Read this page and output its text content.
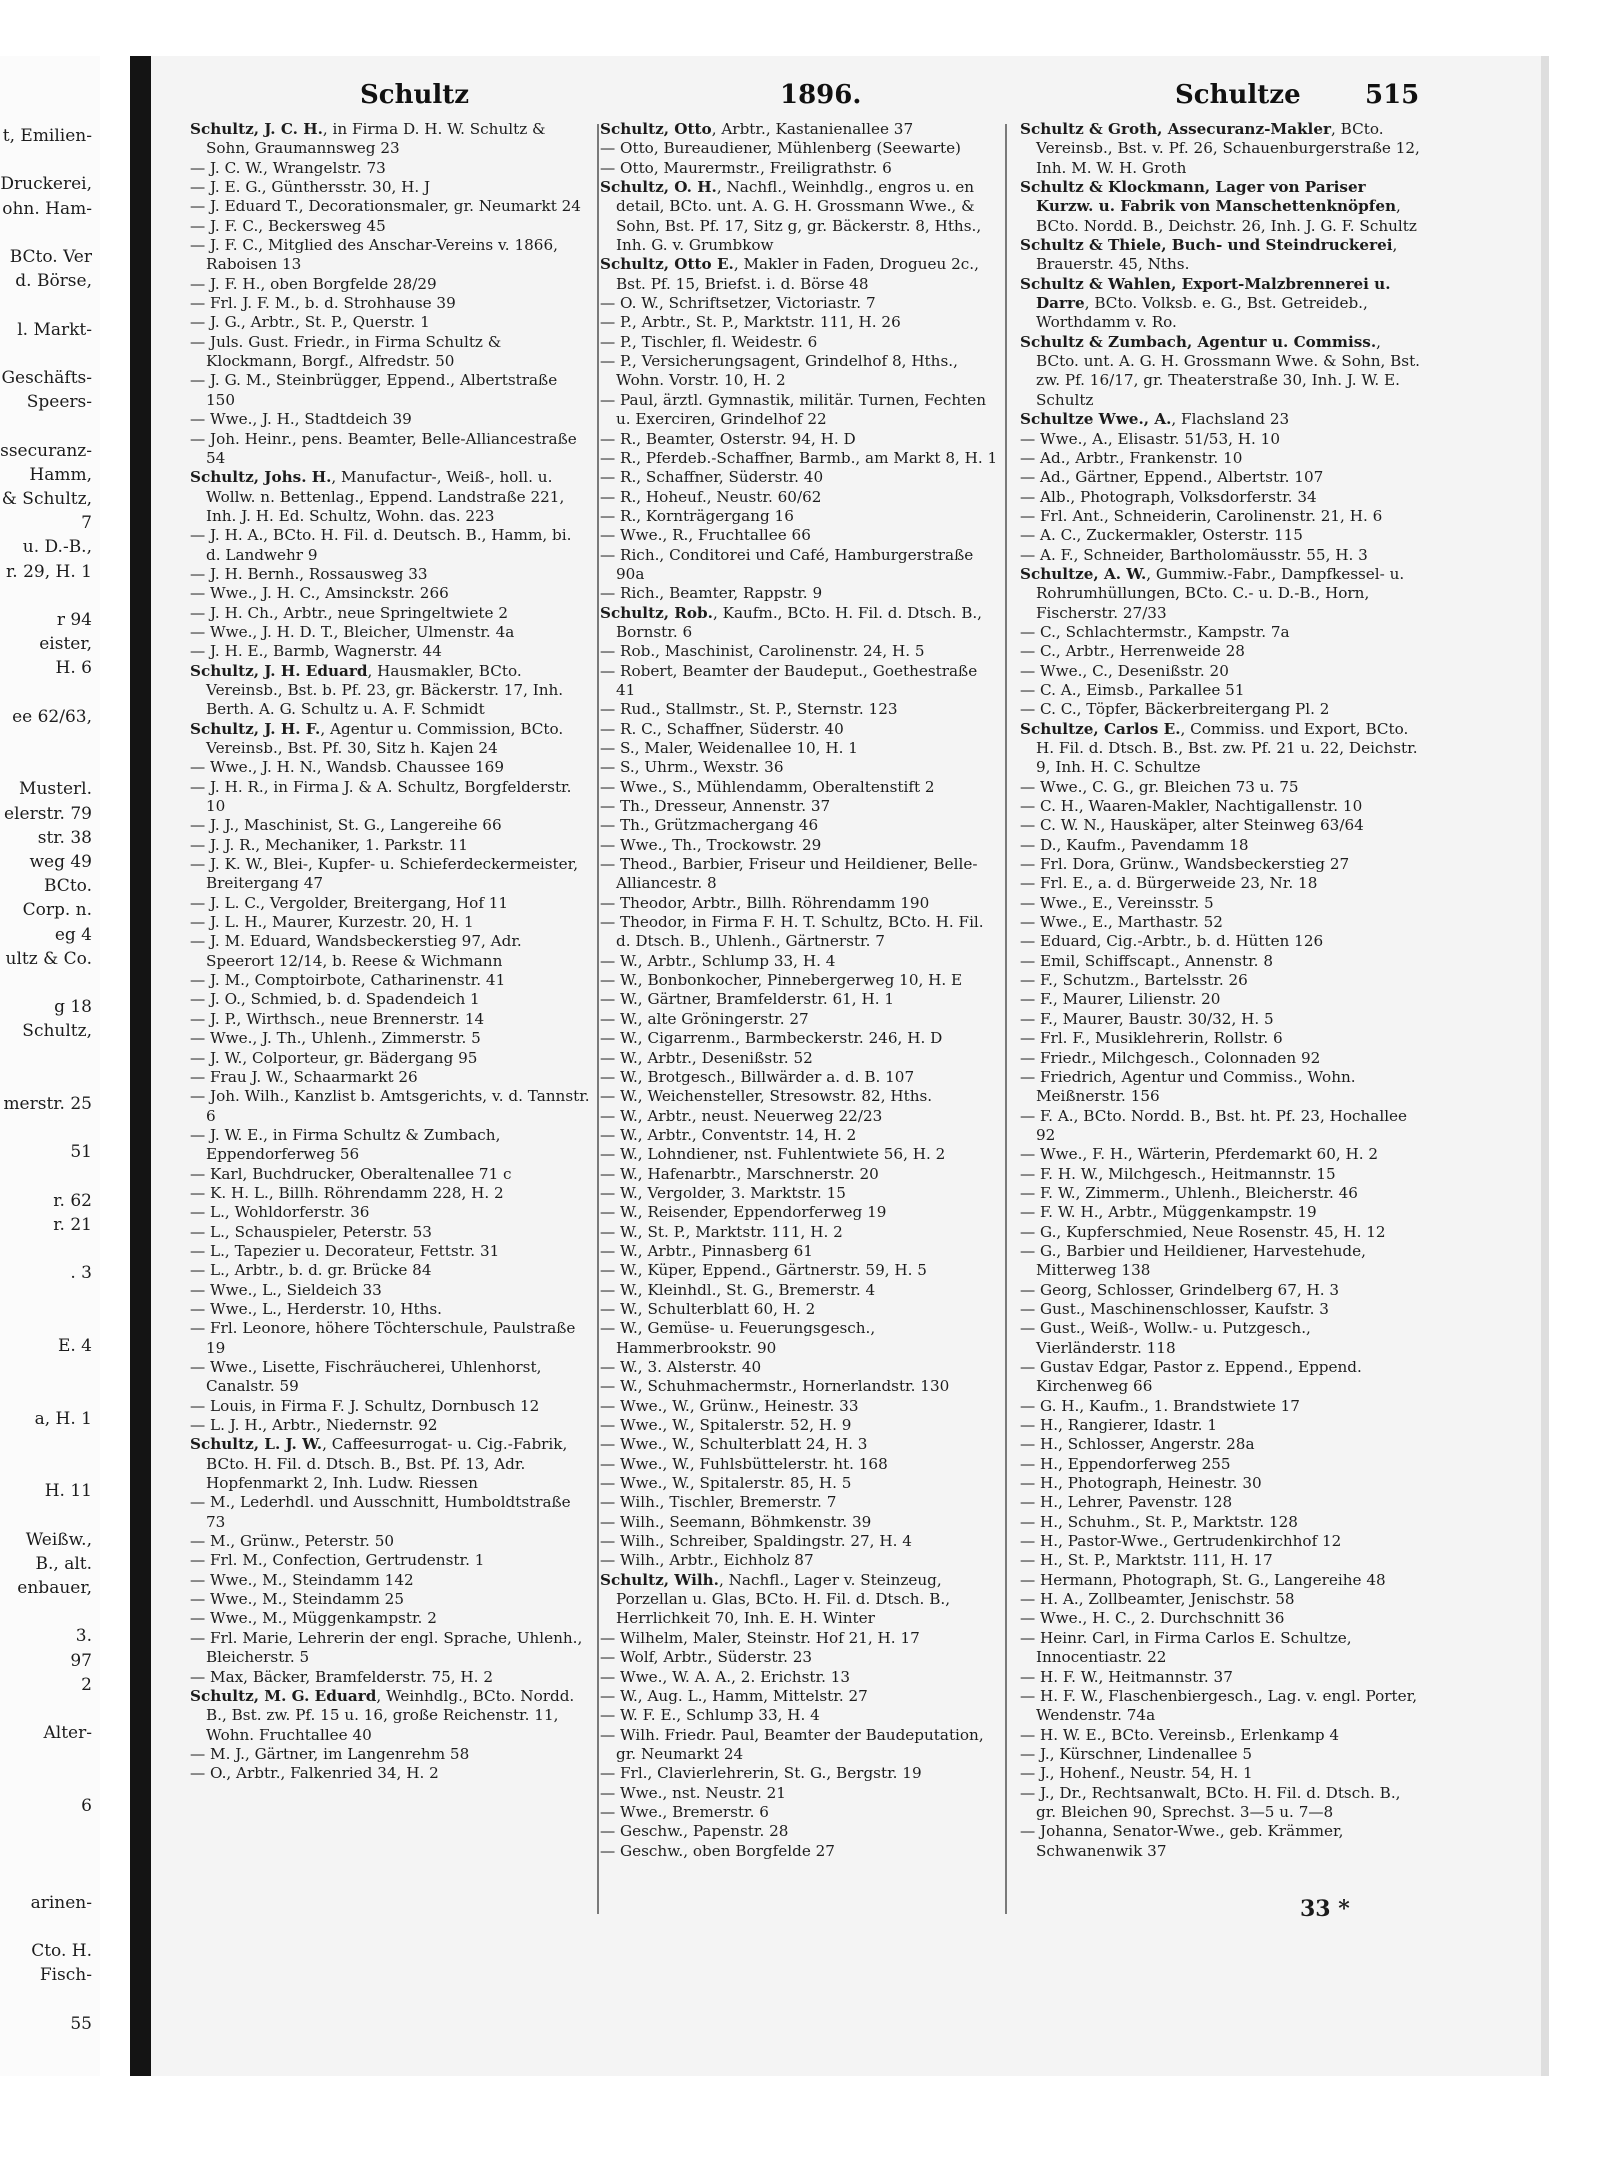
t, Emilien-
Druckerei,
ohn. Ham-
BCto. Ver
d. Börse,
l. Markt-
Geschäfts-
Speers-
ssecuranz-
Hamm,
& Schultz,
7
u. D.-B.,
r. 29, H. 1
r 94
eister,
H. 6
ee 62/63,
Musterl.
elerstr. 79
str. 38
weg 49
BCto.
Corp. n.
eg 4
ultz & Co.
g 18
Schultz,
merstr. 25
51
r. 62
r. 21
. 3
E. 4
a, H. 1
H. 11
Weißw.,
B., alt.
enbauer,
3.
97
2
Alter-
6
arinen-
Cto. H.
Fisch-
55
Schultz	1896.	Schultze 515
Schultz, J. C. H., in Firma D. H. W. Schultz & Sohn, Graumannsweg 23
— J. C. W., Wrangelstr. 73
— J. E. G., Günthersstr. 30, H. J
— J. Eduard T., Decorationsmaler, gr. Neumarkt 24
— J. F. C., Beckersweg 45
— J. F. C., Mitglied des Anschar-Vereins v. 1866, Raboisen 13
— J. F. H., oben Borgfelde 28/29
— Frl. J. F. M., b. d. Strohhause 39
— J. G., Arbtr., St. P., Querstr. 1
— Juls. Gust. Friedr., in Firma Schultz & Klockmann, Borgf., Alfredstr. 50
— J. G. M., Steinbrügger, Eppend., Albertstraße 150
— Wwe., J. H., Stadtdeich 39
— Joh. Heinr., pens. Beamter, Belle-Alliancestraße 54
Schultz, Johs. H., Manufactur-, Weiß-, holl. u. Wollw. n. Bettenlag., Eppend. Landstraße 221, Inh. J. H. Ed. Schultz, Wohn. das. 223
— J. H. A., BCto. H. Fil. d. Deutsch. B., Hamm, bi. d. Landwehr 9
— J. H. Bernh., Rossausweg 33
— Wwe., J. H. C., Amsinckstr. 266
— J. H. Ch., Arbtr., neue Springeltwiete 2
— Wwe., J. H. D. T., Bleicher, Ulmenstr. 4a
— J. H. E., Barmb, Wagnerstr. 44
Schultz, J. H. Eduard, Hausmakler, BCto. Vereinsb., Bst. b. Pf. 23, gr. Bäckerstr. 17, Inh. Berth. A. G. Schultz u. A. F. Schmidt
Schultz, J. H. F., Agentur u. Commission, BCto. Vereinsb., Bst. Pf. 30, Sitz h. Kajen 24
— Wwe., J. H. N., Wandsb. Chaussee 169
— J. H. R., in Firma J. & A. Schultz, Borgfelderstr. 10
— J. J., Maschinist, St. G., Langereihe 66
— J. J. R., Mechaniker, 1. Parkstr. 11
— J. K. W., Blei-, Kupfer- u. Schieferdeckermeister, Breitergang 47
— J. L. C., Vergolder, Breitergang, Hof 11
— J. L. H., Maurer, Kurzestr. 20, H. 1
— J. M. Eduard, Wandsbeckerstieg 97, Adr. Speerort 12/14, b. Reese & Wichmann
— J. M., Comptoirbote, Catharinenstr. 41
— J. O., Schmied, b. d. Spadendeich 1
— J. P., Wirthsch., neue Brennerstr. 14
— Wwe., J. Th., Uhlenh., Zimmerstr. 5
— J. W., Colporteur, gr. Bädergang 95
— Frau J. W., Schaarmarkt 26
— Joh. Wilh., Kanzlist b. Amtsgerichts, v. d. Tannstr. 6
— J. W. E., in Firma Schultz & Zumbach, Eppendorferweg 56
— Karl, Buchdrucker, Oberaltenallee 71 c
— K. H. L., Billh. Röhrendamm 228, H. 2
— L., Wohldorferstr. 36
— L., Schauspieler, Peterstr. 53
— L., Tapezier u. Decorateur, Fettstr. 31
— L., Arbtr., b. d. gr. Brücke 84
— Wwe., L., Sieldeich 33
— Wwe., L., Herderstr. 10, Hths.
— Frl. Leonore, höhere Töchterschule, Paulstraße 19
— Wwe., Lisette, Fischräucherei, Uhlenhorst, Canalstr. 59
— Louis, in Firma F. J. Schultz, Dornbusch 12
— L. J. H., Arbtr., Niedernstr. 92
Schultz, L. J. W., Caffeesurrogat- u. Cig.-Fabrik, BCto. H. Fil. d. Dtsch. B., Bst. Pf. 13, Adr. Hopfenmarkt 2, Inh. Ludw. Riessen
— M., Lederhdl. und Ausschnitt, Humboldtstraße 73
— M., Grünw., Peterstr. 50
— Frl. M., Confection, Gertrudenstr. 1
— Wwe., M., Steindamm 142
— Wwe., M., Steindamm 25
— Wwe., M., Müggenkampstr. 2
— Frl. Marie, Lehrerin der engl. Sprache, Uhlenh., Bleicherstr. 5
— Max, Bäcker, Bramfelderstr. 75, H. 2
Schultz, M. G. Eduard, Weinhdlg., BCto. Nordd. B., Bst. zw. Pf. 15 u. 16, große Reichenstr. 11, Wohn. Fruchtallee 40
— M. J., Gärtner, im Langenrehm 58
— O., Arbtr., Falkenried 34, H. 2
Schultz, Otto, Arbtr., Kastanienallee 37
— Otto, Bureaudiener, Mühlenberg (Seewarte)
— Otto, Maurermstr., Freiligrathstr. 6
Schultz, O. H., Nachfl., Weinhdlg., engros u. en detail, BCto. unt. A. G. H. Grossmann Wwe., & Sohn, Bst. Pf. 17, Sitz g, gr. Bäckerstr. 8, Hths., Inh. G. v. Grumbkow
Schultz, Otto E., Makler in Faden, Drogueu 2c., Bst. Pf. 15, Briefst. i. d. Börse 48
— O. W., Schriftsetzer, Victoriastr. 7
— P., Arbtr., St. P., Marktstr. 111, H. 26
— P., Tischler, fl. Weidestr. 6
— P., Versicherungsagent, Grindelhof 8, Hths., Wohn. Vorstr. 10, H. 2
— Paul, ärztl. Gymnastik, militär. Turnen, Fechten u. Exerciren, Grindelhof 22
— R., Beamter, Osterstr. 94, H. D
— R., Pferdeb.-Schaffner, Barmb., am Markt 8, H. 1
— R., Schaffner, Süderstr. 40
— R., Hoheuf., Neustr. 60/62
— R., Kornträgergang 16
— Wwe., R., Fruchtallee 66
— Rich., Conditorei und Café, Hamburgerstraße 90a
— Rich., Beamter, Rappstr. 9
Schultz, Rob., Kaufm., BCto. H. Fil. d. Dtsch. B., Bornstr. 6
— Rob., Maschinist, Carolinenstr. 24, H. 5
— Robert, Beamter der Baudeput., Goethestraße 41
— Rud., Stallmstr., St. P., Sternstr. 123
— R. C., Schaffner, Süderstr. 40
— S., Maler, Weidenallee 10, H. 1
— S., Uhrm., Wexstr. 36
— Wwe., S., Mühlendamm, Oberaltenstift 2
— Th., Dresseur, Annenstr. 37
— Th., Grützmachergang 46
— Wwe., Th., Trockowstr. 29
— Theod., Barbier, Friseur und Heildiener, Belle-Alliancestr. 8
— Theodor, Arbtr., Billh. Röhrendamm 190
— Theodor, in Firma F. H. T. Schultz, BCto. H. Fil. d. Dtsch. B., Uhlenh., Gärtnerstr. 7
— W., Arbtr., Schlump 33, H. 4
— W., Bonbonkocher, Pinnebergerweg 10, H. E
— W., Gärtner, Bramfelderstr. 61, H. 1
— W., alte Gröningerstr. 27
— W., Cigarrenm., Barmbeckerstr. 246, H. D
— W., Arbtr., Desenißstr. 52
— W., Brotgesch., Billwärder a. d. B. 107
— W., Weichensteller, Stresowstr. 82, Hths.
— W., Arbtr., neust. Neuerweg 22/23
— W., Arbtr., Conventstr. 14, H. 2
— W., Lohndiener, nst. Fuhlentwiete 56, H. 2
— W., Hafenarbtr., Marschnerstr. 20
— W., Vergolder, 3. Marktstr. 15
— W., Reisender, Eppendorferweg 19
— W., St. P., Marktstr. 111, H. 2
— W., Arbtr., Pinnasberg 61
— W., Küper, Eppend., Gärtnerstr. 59, H. 5
— W., Kleinhdl., St. G., Bremerstr. 4
— W., Schulterblatt 60, H. 2
— W., Gemüse- u. Feuerungsgesch., Hammerbrookstr. 90
— W., 3. Alsterstr. 40
— W., Schuhmachermstr., Hornerlandstr. 130
— Wwe., W., Grünw., Heinestr. 33
— Wwe., W., Spitalerstr. 52, H. 9
— Wwe., W., Schulterblatt 24, H. 3
— Wwe., W., Fuhlsbüttelerstr. ht. 168
— Wwe., W., Spitalerstr. 85, H. 5
— Wilh., Tischler, Bremerstr. 7
— Wilh., Seemann, Böhmkenstr. 39
— Wilh., Schreiber, Spaldingstr. 27, H. 4
— Wilh., Arbtr., Eichholz 87
Schultz, Wilh., Nachfl., Lager v. Steinzeug, Porzellan u. Glas, BCto. H. Fil. d. Dtsch. B., Herrlichkeit 70, Inh. E. H. Winter
— Wilhelm, Maler, Steinstr. Hof 21, H. 17
— Wolf, Arbtr., Süderstr. 23
— Wwe., W. A. A., 2. Erichstr. 13
— W., Aug. L., Hamm, Mittelstr. 27
— W. F. E., Schlump 33, H. 4
— Wilh. Friedr. Paul, Beamter der Baudeputation, gr. Neumarkt 24
— Frl., Clavierlehrerin, St. G., Bergstr. 19
— Wwe., nst. Neustr. 21
— Wwe., Bremerstr. 6
— Geschw., Papenstr. 28
— Geschw., oben Borgfelde 27
Schultz & Groth, Assecuranz-Makler, BCto. Vereinsb., Bst. v. Pf. 26, Schauenburgerstraße 12, Inh. M. W. H. Groth
Schultz & Klockmann, Lager von Pariser Kurzw. u. Fabrik von Manschettenknöpfen, BCto. Nordd. B., Deichstr. 26, Inh. J. G. F. Schultz
Schultz & Thiele, Buch- und Steindruckerei, Brauerstr. 45, Nths.
Schultz & Wahlen, Export-Malzbrennerei u. Darre, BCto. Volksb. e. G., Bst. Getreideb., Worthdamm v. Ro.
Schultz & Zumbach, Agentur u. Commiss., BCto. unt. A. G. H. Grossmann Wwe. & Sohn, Bst. zw. Pf. 16/17, gr. Theaterstraße 30, Inh. J. W. E. Schultz
Schultze Wwe., A., Flachsland 23
— Wwe., A., Elisastr. 51/53, H. 10
— Ad., Arbtr., Frankenstr. 10
— Ad., Gärtner, Eppend., Albertstr. 107
— Alb., Photograph, Volksdorferstr. 34
— Frl. Ant., Schneiderin, Carolinenstr. 21, H. 6
— A. C., Zuckermakler, Osterstr. 115
— A. F., Schneider, Bartholomäusstr. 55, H. 3
Schultze, A. W., Gummiw.-Fabr., Dampfkessel- u. Rohrumhüllungen, BCto. C.- u. D.-B., Horn, Fischerstr. 27/33
— C., Schlachtermstr., Kampstr. 7a
— C., Arbtr., Herrenweide 28
— Wwe., C., Desenißstr. 20
— C. A., Eimsb., Parkallee 51
— C. C., Töpfer, Bäckerbreitergang Pl. 2
Schultze, Carlos E., Commiss. und Export, BCto. H. Fil. d. Dtsch. B., Bst. zw. Pf. 21 u. 22, Deichstr. 9, Inh. H. C. Schultze
— Wwe., C. G., gr. Bleichen 73 u. 75
— C. H., Waaren-Makler, Nachtigallenstr. 10
— C. W. N., Hauskäper, alter Steinweg 63/64
— D., Kaufm., Pavendamm 18
— Frl. Dora, Grünw., Wandsbeckerstieg 27
— Frl. E., a. d. Bürgerweide 23, Nr. 18
— Wwe., E., Vereinsstr. 5
— Wwe., E., Marthastr. 52
— Eduard, Cig.-Arbtr., b. d. Hütten 126
— Emil, Schiffscapt., Annenstr. 8
— F., Schutzm., Bartelsstr. 26
— F., Maurer, Lilienstr. 20
— F., Maurer, Baustr. 30/32, H. 5
— Frl. F., Musiklehrerin, Rollstr. 6
— Friedr., Milchgesch., Colonnaden 92
— Friedrich, Agentur und Commiss., Wohn. Meißnerstr. 156
— F. A., BCto. Nordd. B., Bst. ht. Pf. 23, Hochallee 92
— Wwe., F. H., Wärterin, Pferdemarkt 60, H. 2
— F. H. W., Milchgesch., Heitmannstr. 15
— F. W., Zimmerm., Uhlenh., Bleicherstr. 46
— F. W. H., Arbtr., Müggenkampstr. 19
— G., Kupferschmied, Neue Rosenstr. 45, H. 12
— G., Barbier und Heildiener, Harvestehude, Mitterweg 138
— Georg, Schlosser, Grindelberg 67, H. 3
— Gust., Maschinenschlosser, Kaufstr. 3
— Gust., Weiß-, Wollw.- u. Putzgesch., Vierländerstr. 118
— Gustav Edgar, Pastor z. Eppend., Eppend. Kirchenweg 66
— G. H., Kaufm., 1. Brandstwiete 17
— H., Rangierer, Idastr. 1
— H., Schlosser, Angerstr. 28a
— H., Eppendorferweg 255
— H., Photograph, Heinestr. 30
— H., Lehrer, Pavenstr. 128
— H., Schuhm., St. P., Marktstr. 128
— H., Pastor-Wwe., Gertrudenkirchhof 12
— H., St. P., Marktstr. 111, H. 17
— Hermann, Photograph, St. G., Langereihe 48
— H. A., Zollbeamter, Jenischstr. 58
— Wwe., H. C., 2. Durchschnitt 36
— Heinr. Carl, in Firma Carlos E. Schultze, Innocentiastr. 22
— H. F. W., Heitmannstr. 37
— H. F. W., Flaschenbiergesch., Lag. v. engl. Porter, Wendenstr. 74a
— H. W. E., BCto. Vereinsb., Erlenkamp 4
— J., Kürschner, Lindenallee 5
— J., Hohenf., Neustr. 54, H. 1
— J., Dr., Rechtsanwalt, BCto. H. Fil. d. Dtsch. B., gr. Bleichen 90, Sprechst. 3—5 u. 7—8
— Johanna, Senator-Wwe., geb. Krämmer, Schwanenwik 37
33 *
